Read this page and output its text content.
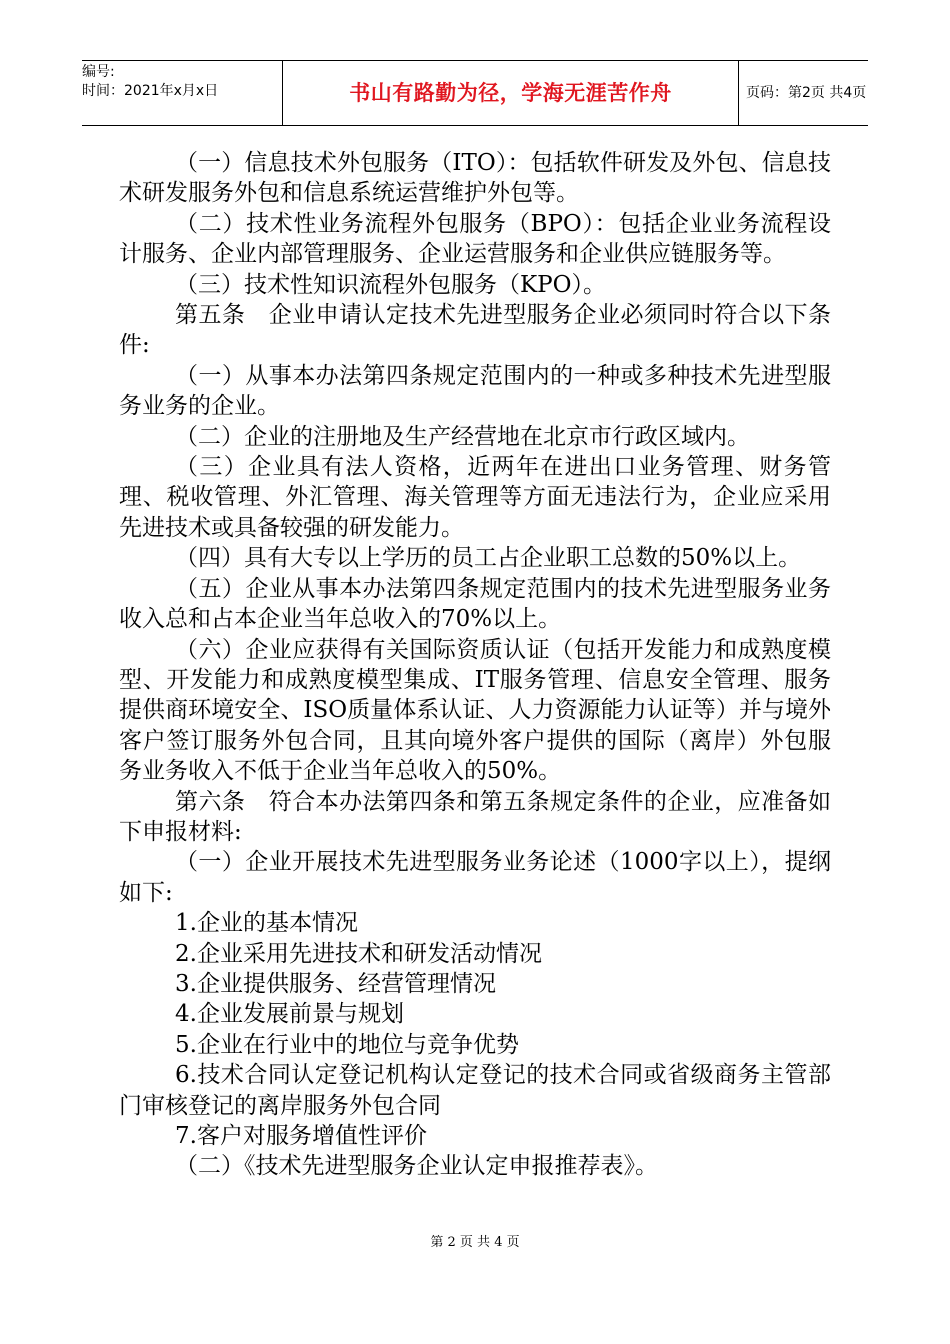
编号:
时间：2021年x月x日	书山有路勤为径，学海无涯苦作舟	页码：第2页 共4页

（一）信息技术外包服务（ITO）：包括软件研发及外包、信息技术研发服务外包和信息系统运营维护外包等。

（二）技术性业务流程外包服务（BPO）：包括企业业务流程设计服务、企业内部管理服务、企业运营服务和企业供应链服务等。

（三）技术性知识流程外包服务（KPO）。

第五条　企业申请认定技术先进型服务企业必须同时符合以下条件:

（一）从事本办法第四条规定范围内的一种或多种技术先进型服务业务的企业。

（二）企业的注册地及生产经营地在北京市行政区域内。

（三）企业具有法人资格，近两年在进出口业务管理、财务管理、税收管理、外汇管理、海关管理等方面无违法行为，企业应采用先进技术或具备较强的研发能力。

（四）具有大专以上学历的员工占企业职工总数的50%以上。

（五）企业从事本办法第四条规定范围内的技术先进型服务业务收入总和占本企业当年总收入的70%以上。

（六）企业应获得有关国际资质认证（包括开发能力和成熟度模型、开发能力和成熟度模型集成、IT服务管理、信息安全管理、服务提供商环境安全、ISO质量体系认证、人力资源能力认证等）并与境外客户签订服务外包合同，且其向境外客户提供的国际（离岸）外包服务业务收入不低于企业当年总收入的50%。

第六条　符合本办法第四条和第五条规定条件的企业，应准备如下申报材料:

（一）企业开展技术先进型服务业务论述（1000字以上），提纲如下:

1.企业的基本情况

2.企业采用先进技术和研发活动情况

3.企业提供服务、经营管理情况

4.企业发展前景与规划

5.企业在行业中的地位与竞争优势

6.技术合同认定登记机构认定登记的技术合同或省级商务主管部门审核登记的离岸服务外包合同

7.客户对服务增值性评价

（二）《技术先进型服务企业认定申报推荐表》。

第 2 页 共 4 页
